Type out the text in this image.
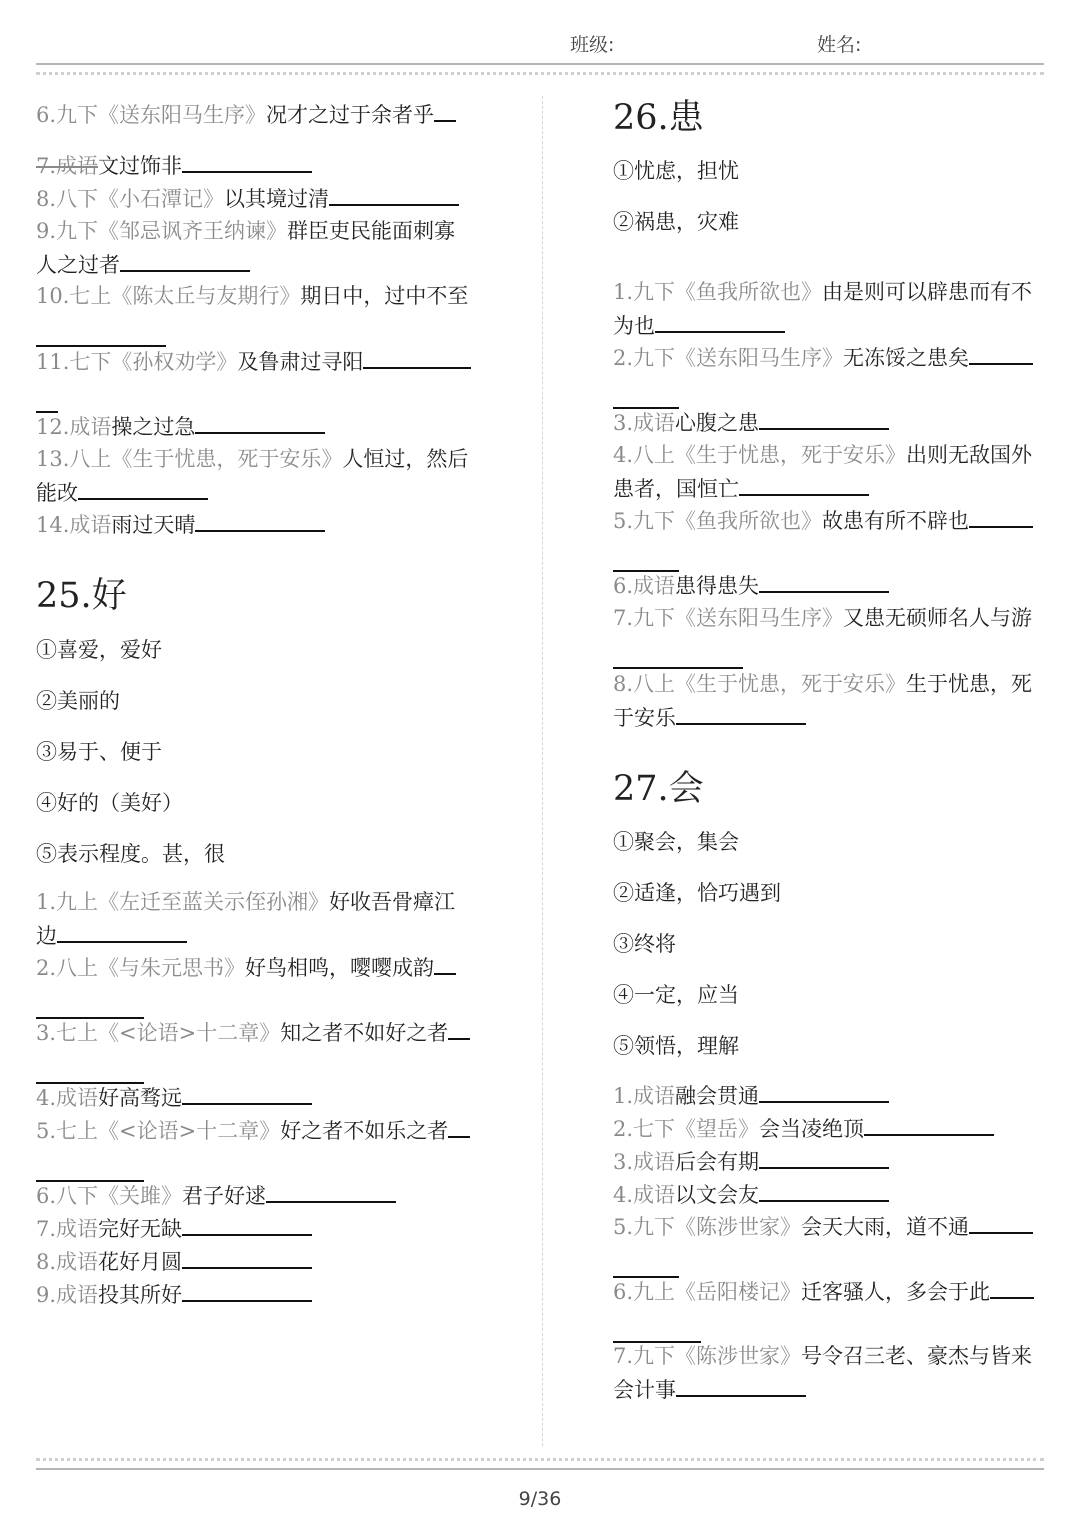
班级:	姓名:
6.九下《送东阳马生序》况才之过于余者乎
7.成语文过饰非
8.八下《小石潭记》以其境过清
9.九下《邹忌讽齐王纳谏》群臣吏民能面刺寡
人之过者
10.七上《陈太丘与友期行》期日中，过中不至
11.七下《孙权劝学》及鲁肃过寻阳
12.成语操之过急
13.八上《生于忧患，死于安乐》人恒过，然后
能改
14.成语雨过天晴
25.好
①喜爱，爱好
②美丽的
③易于、便于
④好的（美好）
⑤表示程度。甚，很
1.九上《左迁至蓝关示侄孙湘》好收吾骨瘴江
边
2.八上《与朱元思书》好鸟相鸣，嘤嘤成韵
3.七上《<论语>十二章》知之者不如好之者
4.成语好高骛远
5.七上《<论语>十二章》好之者不如乐之者
6.八下《关雎》君子好逑
7.成语完好无缺
8.成语花好月圆
9.成语投其所好
26.患
①忧虑，担忧
②祸患，灾难
1.九下《鱼我所欲也》由是则可以辟患而有不
为也
2.九下《送东阳马生序》无冻馁之患矣
3.成语心腹之患
4.八上《生于忧患，死于安乐》出则无敌国外
患者，国恒亡
5.九下《鱼我所欲也》故患有所不辟也
6.成语患得患失
7.九下《送东阳马生序》又患无硕师名人与游
8.八上《生于忧患，死于安乐》生于忧患，死
于安乐
27.会
①聚会，集会
②适逢，恰巧遇到
③终将
④一定，应当
⑤领悟，理解
1.成语融会贯通
2.七下《望岳》会当凌绝顶
3.成语后会有期
4.成语以文会友
5.九下《陈涉世家》会天大雨，道不通
6.九上《岳阳楼记》迁客骚人，多会于此
7.九下《陈涉世家》号令召三老、豪杰与皆来
会计事
9/36
